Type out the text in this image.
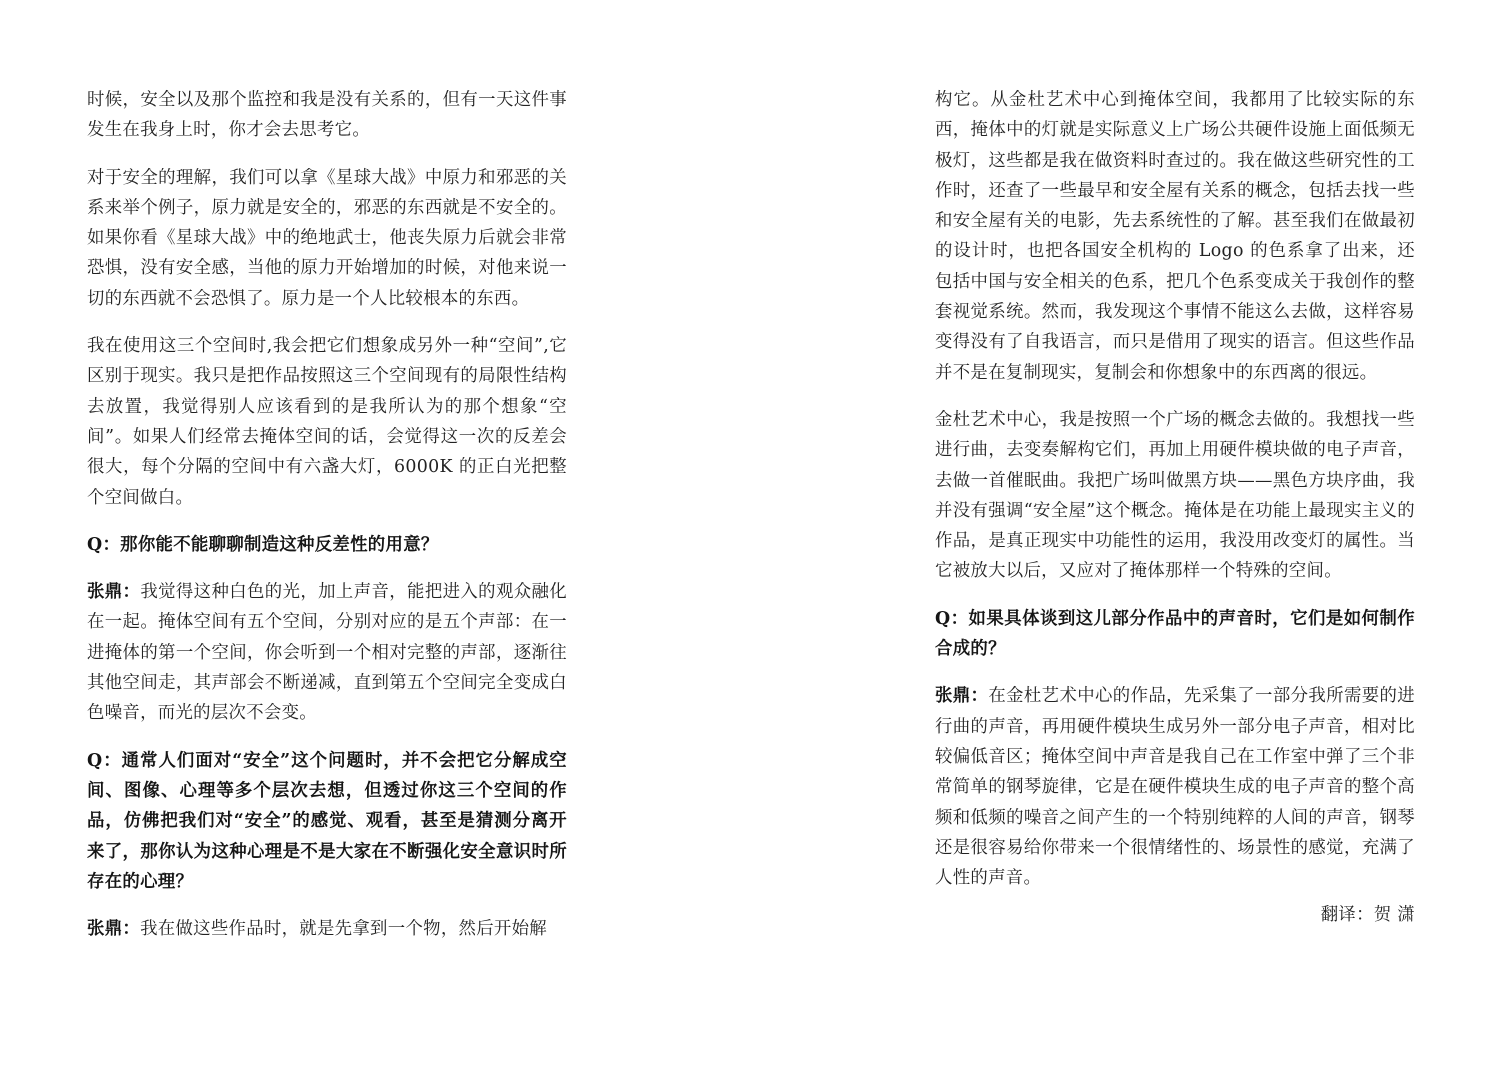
时候，安全以及那个监控和我是没有关系的，但有一天这件事发生在我身上时，你才会去思考它。

对于安全的理解，我们可以拿《星球大战》中原力和邪恶的关系来举个例子，原力就是安全的，邪恶的东西就是不安全的。如果你看《星球大战》中的绝地武士，他丧失原力后就会非常恐惧，没有安全感，当他的原力开始增加的时候，对他来说一切的东西就不会恐惧了。原力是一个人比较根本的东西。

我在使用这三个空间时,我会把它们想象成另外一种“空间”,它区别于现实。我只是把作品按照这三个空间现有的局限性结构去放置，我觉得别人应该看到的是我所认为的那个想象“空间”。如果人们经常去掩体空间的话，会觉得这一次的反差会很大，每个分隔的空间中有六盏大灯，6000K 的正白光把整个空间做白。

Q：那你能不能聊聊制造这种反差性的用意？

张鼎：我觉得这种白色的光，加上声音，能把进入的观众融化在一起。掩体空间有五个空间，分别对应的是五个声部：在一进掩体的第一个空间，你会听到一个相对完整的声部，逐渐往其他空间走，其声部会不断递减，直到第五个空间完全变成白色噪音，而光的层次不会变。

Q：通常人们面对“安全”这个问题时，并不会把它分解成空间、图像、心理等多个层次去想，但透过你这三个空间的作品，仿佛把我们对“安全”的感觉、观看，甚至是猜测分离开来了，那你认为这种心理是不是大家在不断强化安全意识时所存在的心理？

张鼎：我在做这些作品时，就是先拿到一个物，然后开始解

构它。从金杜艺术中心到掩体空间，我都用了比较实际的东西，掩体中的灯就是实际意义上广场公共硬件设施上面低频无极灯，这些都是我在做资料时查过的。我在做这些研究性的工作时，还查了一些最早和安全屋有关系的概念，包括去找一些和安全屋有关的电影，先去系统性的了解。甚至我们在做最初的设计时，也把各国安全机构的 Logo 的色系拿了出来，还包括中国与安全相关的色系，把几个色系变成关于我创作的整套视觉系统。然而，我发现这个事情不能这么去做，这样容易变得没有了自我语言，而只是借用了现实的语言。但这些作品并不是在复制现实，复制会和你想象中的东西离的很远。

金杜艺术中心，我是按照一个广场的概念去做的。我想找一些进行曲，去变奏解构它们，再加上用硬件模块做的电子声音，去做一首催眠曲。我把广场叫做黑方块——黑色方块序曲，我并没有强调“安全屋”这个概念。掩体是在功能上最现实主义的作品，是真正现实中功能性的运用，我没用改变灯的属性。当它被放大以后，又应对了掩体那样一个特殊的空间。

Q：如果具体谈到这儿部分作品中的声音时，它们是如何制作合成的？

张鼎：在金杜艺术中心的作品，先采集了一部分我所需要的进行曲的声音，再用硬件模块生成另外一部分电子声音，相对比较偏低音区；掩体空间中声音是我自己在工作室中弹了三个非常简单的钢琴旋律，它是在硬件模块生成的电子声音的整个高频和低频的噪音之间产生的一个特别纯粹的人间的声音，钢琴还是很容易给你带来一个很情绪性的、场景性的感觉，充满了人性的声音。

翻译：贺 潇
